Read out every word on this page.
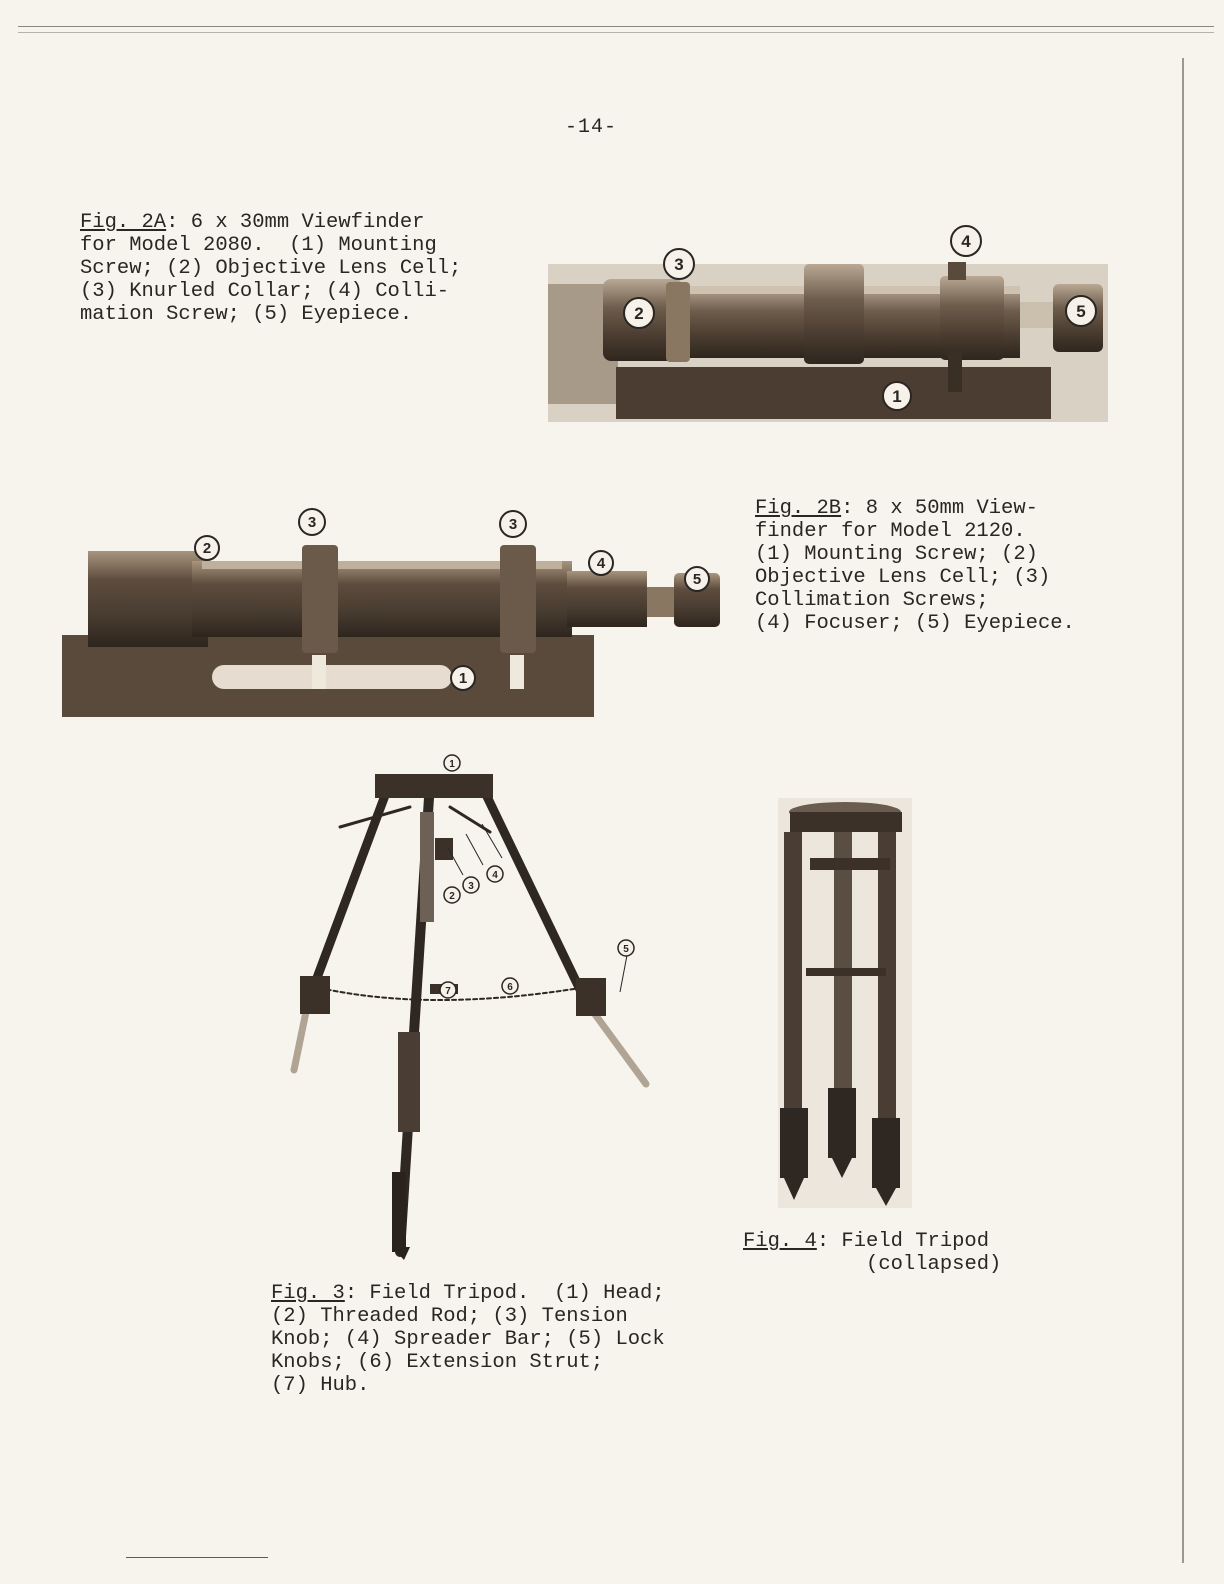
-14-
Fig. 2A: 6 x 30mm Viewfinder
for Model 2080.  (1) Mounting
Screw; (2) Objective Lens Cell;
(3) Knurled Collar; (4) Colli-
mation Screw; (5) Eyepiece.
1
2
3
4
5
1
2
3	3
4
5
Fig. 2B: 8 x 50mm View-
finder for Model 2120.
(1) Mounting Screw; (2)
Objective Lens Cell; (3)
Collimation Screws;
(4) Focuser; (5) Eyepiece.
1
2
3
4
5
6
7
Fig. 4: Field Tripod
(collapsed)
Fig. 3: Field Tripod.  (1) Head;
(2) Threaded Rod; (3) Tension
Knob; (4) Spreader Bar; (5) Lock
Knobs; (6) Extension Strut;
(7) Hub.
